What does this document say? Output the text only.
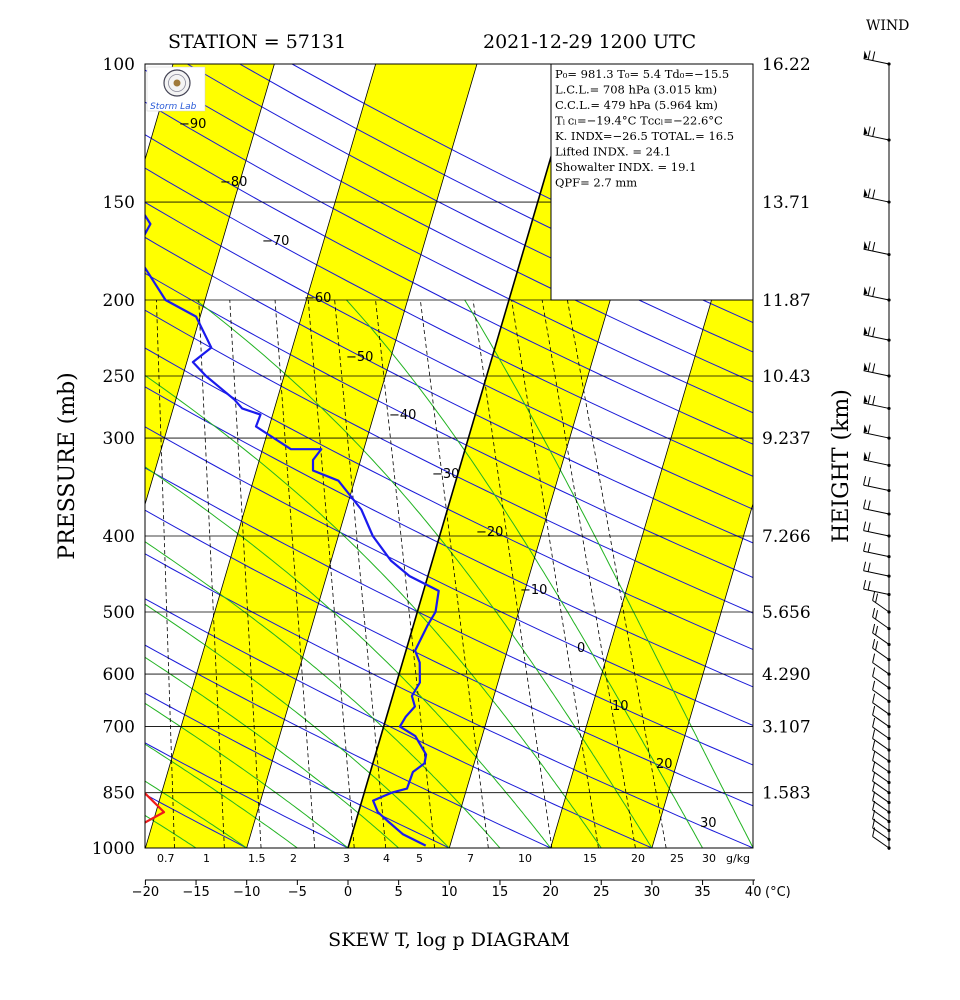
STATION = 57131	2021-12-29 1200 UTC
WIND
−90
−80
−70
−60
−50
−40
−30
−20
−10
0
10
20
30
0.7	1	1.5 2	3	4 5	7	10	15	20 25 30 g/kg
P₀= 981.3 T₀= 5.4 Td₀=−15.5
L.C.L.= 708 hPa (3.015 km)
C.C.L.= 479 hPa (5.964 km)
Tₗ ᴄₗ=−19.4°C Tᴄᴄₗ=−22.6°C
K. INDX=−26.5 TOTAL.= 16.5
Lifted INDX. = 24.1
Showalter INDX. = 19.1
QPF= 2.7 mm
Storm Lab
100
150
200
250
300
400
500
600
700
850
1000
16.22
13.71
11.87
10.43
9.237
7.266
5.656
4.290
3.107
1.583
−20 −15 −10 −5	0	5	10	15	20	25	30	35	40
PRESSURE (mb)	HEIGHT (km)
(°C)
SKEW T, log p DIAGRAM
